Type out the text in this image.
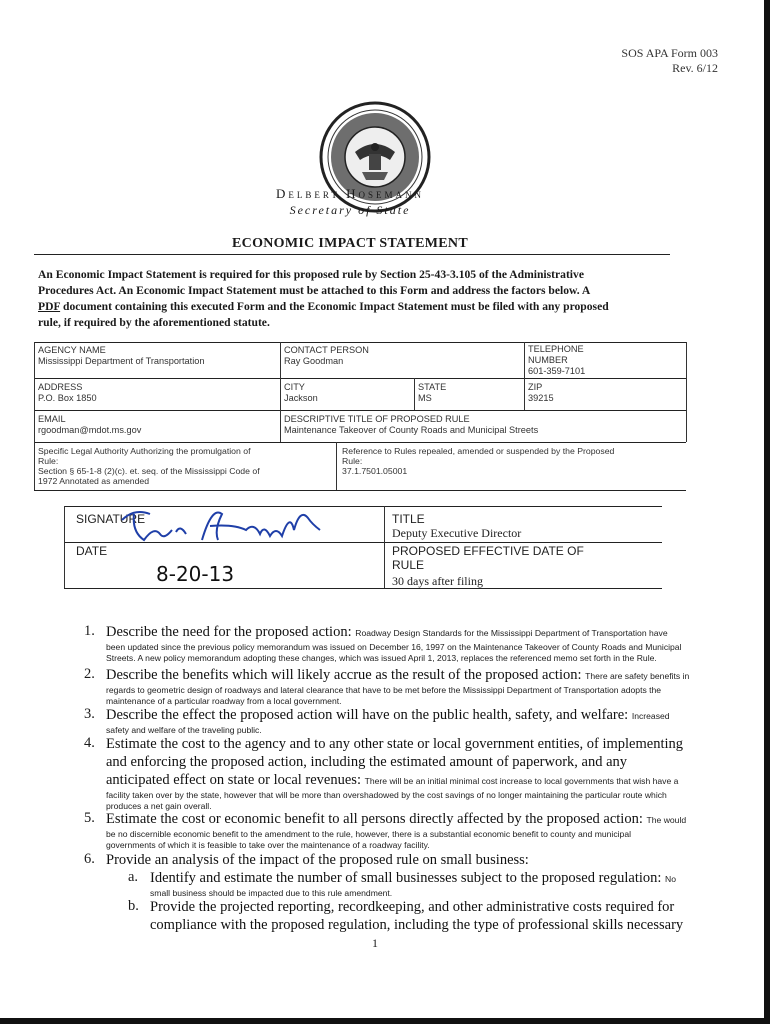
SOS APA Form 003
Rev. 6/12
Delbert Hosemann
Secretary of State
ECONOMIC IMPACT STATEMENT
An Economic Impact Statement is required for this proposed rule by Section 25-43-3.105 of the Administrative
Procedures Act. An Economic Impact Statement must be attached to this Form and address the factors below. A
PDF document containing this executed Form and the Economic Impact Statement must be filed with any proposed
rule, if required by the aforementioned statute.
AGENCY NAME
Mississippi Department of Transportation
CONTACT PERSON
Ray Goodman
TELEPHONE
NUMBER
601-359-7101
ADDRESS
P.O. Box 1850
CITY
Jackson
STATE
MS
ZIP
39215
EMAIL
rgoodman@mdot.ms.gov
DESCRIPTIVE TITLE OF PROPOSED RULE
Maintenance Takeover of County Roads and Municipal Streets
Specific Legal Authority Authorizing the promulgation of
Rule:
Section § 65-1-8 (2)(c). et. seq. of the Mississippi Code of
1972 Annotated as amended
Reference to Rules repealed, amended or suspended by the Proposed
Rule:
37.1.7501.05001
SIGNATURE	TITLE
Deputy Executive Director
DATE
8-20-13
PROPOSED EFFECTIVE DATE OF
RULE
30 days after filing
1. Describe the need for the proposed action: Roadway Design Standards for the Mississippi Department of Transportation have
been updated since the previous policy memorandum was issued on December 16, 1997 on the Maintenance Takeover of County Roads and Municipal
Streets. A new policy memorandum adopting these changes, which was issued April 1, 2013, replaces the referenced memo set forth in the Rule.
2. Describe the benefits which will likely accrue as the result of the proposed action: There are safety benefits in
regards to geometric design of roadways and lateral clearance that have to be met before the Mississippi Department of Transportation adopts the
maintenance of a particular roadway from a local government.
3. Describe the effect the proposed action will have on the public health, safety, and welfare: Increased
safety and welfare of the traveling public.
4. Estimate the cost to the agency and to any other state or local government entities, of implementing
and enforcing the proposed action, including the estimated amount of paperwork, and any
anticipated effect on state or local revenues: There will be an initial minimal cost increase to local governments that wish have a
facility taken over by the state, however that will be more than overshadowed by the cost savings of no longer maintaining the particular route which
produces a net gain overall.
5. Estimate the cost or economic benefit to all persons directly affected by the proposed action: The would
be no discernible economic benefit to the amendment to the rule, however, there is a substantial economic benefit to county and municipal
governments of which it is feasible to take over the maintenance of a roadway facility.
6. Provide an analysis of the impact of the proposed rule on small business:
a. Identify and estimate the number of small businesses subject to the proposed regulation: No
small business should be impacted due to this rule amendment.
b. Provide the projected reporting, recordkeeping, and other administrative costs required for
compliance with the proposed regulation, including the type of professional skills necessary
1
